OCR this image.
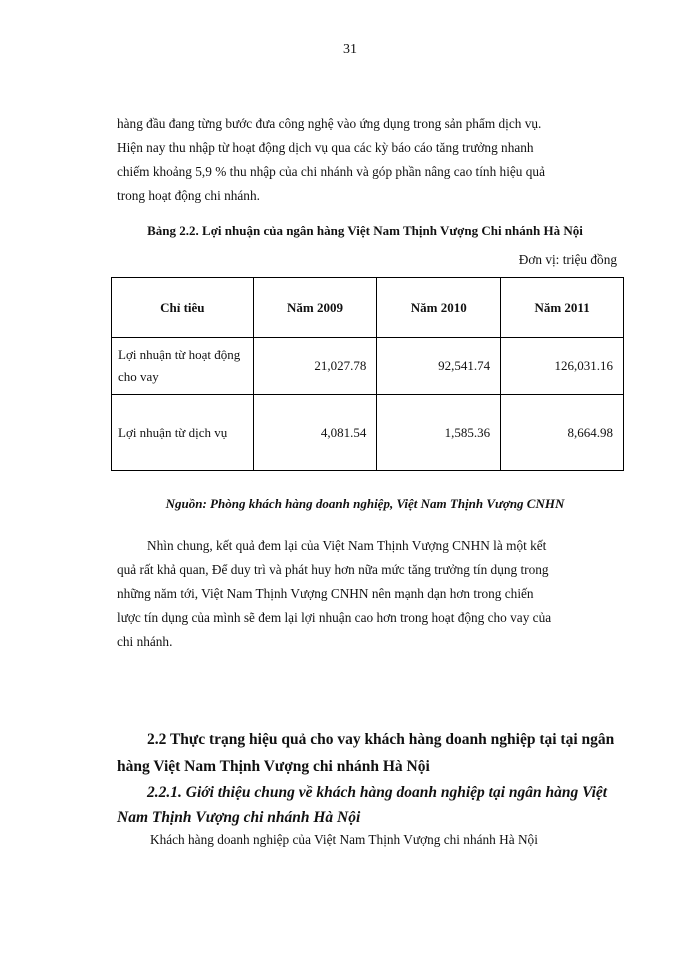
31

hàng đầu đang từng bước đưa công nghệ vào ứng dụng trong sản phẩm dịch vụ.

Hiện nay thu nhập từ hoạt động dịch vụ qua các kỳ báo cáo tăng trưởng nhanh

chiếm khoảng 5,9 % thu nhập của chi nhánh và góp phần nâng cao tính hiệu quả

trong hoạt động chi nhánh.

Bảng 2.2. Lợi nhuận của ngân hàng Việt Nam Thịnh Vượng Chi nhánh Hà Nội
Đơn vị: triệu đồng
Chỉ tiêu	Năm 2009	Năm 2010	Năm 2011
Lợi nhuận từ hoạt động cho vay	21,027.78	92,541.74	126,031.16
Lợi nhuận từ dịch vụ	4,081.54	1,585.36	8,664.98
Nguồn: Phòng khách hàng doanh nghiệp, Việt Nam Thịnh Vượng CNHN

Nhìn chung, kết quả đem lại của Việt Nam Thịnh Vượng CNHN là một kết

quả rất khả quan, Để duy trì và phát huy hơn nữa mức tăng trưởng tín dụng trong

những năm tới, Việt Nam Thịnh Vượng CNHN nên mạnh dạn hơn trong chiến

lược tín dụng của mình sẽ đem lại lợi nhuận cao hơn trong hoạt động cho vay của

chi nhánh.

2.2 Thực trạng hiệu quả cho vay khách hàng doanh nghiệp tại tại ngân hàng Việt Nam Thịnh Vượng chi nhánh Hà Nội
2.2.1. Giới thiệu chung về khách hàng doanh nghiệp tại ngân hàng Việt Nam Thịnh Vượng chi nhánh Hà Nội
Khách hàng doanh nghiệp của Việt Nam Thịnh Vượng chi nhánh Hà Nội
